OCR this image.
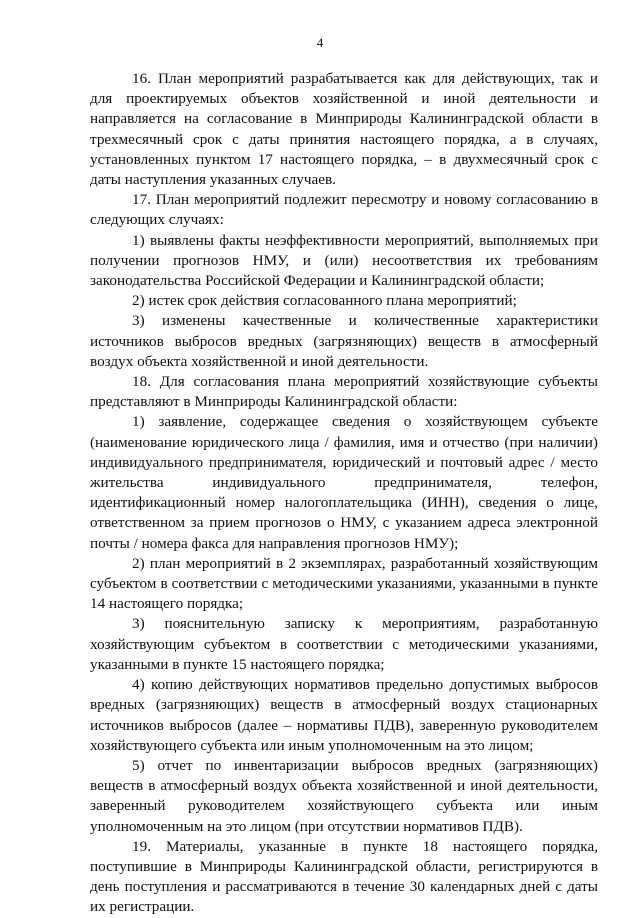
4

16. План мероприятий разрабатывается как для действующих, так и для проектируемых объектов хозяйственной и иной деятельности и направляется на согласование в Минприроды Калининградской области в трехмесячный срок с даты принятия настоящего порядка, а в случаях, установленных пунктом 17 настоящего порядка, – в двухмесячный срок с даты наступления указанных случаев.

17. План мероприятий подлежит пересмотру и новому согласованию в следующих случаях:

1) выявлены факты неэффективности мероприятий, выполняемых при получении прогнозов НМУ, и (или) несоответствия их требованиям законодательства Российской Федерации и Калининградской области;

2) истек срок действия согласованного плана мероприятий;

3) изменены качественные и количественные характеристики источников выбросов вредных (загрязняющих) веществ в атмосферный воздух объекта хозяйственной и иной деятельности.

18. Для согласования плана мероприятий хозяйствующие субъекты представляют в Минприроды Калининградской области:

1) заявление, содержащее сведения о хозяйствующем субъекте (наименование юридического лица / фамилия, имя и отчество (при наличии) индивидуального предпринимателя, юридический и почтовый адрес / место жительства индивидуального предпринимателя, телефон, идентификационный номер налогоплательщика (ИНН), сведения о лице, ответственном за прием прогнозов о НМУ, с указанием адреса электронной почты / номера факса для направления прогнозов НМУ);

2) план мероприятий в 2 экземплярах, разработанный хозяйствующим субъектом в соответствии с методическими указаниями, указанными в пункте 14 настоящего порядка;

3) пояснительную записку к мероприятиям, разработанную хозяйствующим субъектом в соответствии с методическими указаниями, указанными в пункте 15 настоящего порядка;

4) копию действующих нормативов предельно допустимых выбросов вредных (загрязняющих) веществ в атмосферный воздух стационарных источников выбросов (далее – нормативы ПДВ), заверенную руководителем хозяйствующего субъекта или иным уполномоченным на это лицом;

5) отчет по инвентаризации выбросов вредных (загрязняющих) веществ в атмосферный воздух объекта хозяйственной и иной деятельности, заверенный руководителем хозяйствующего субъекта или иным уполномоченным на это лицом (при отсутствии нормативов ПДВ).

19. Материалы, указанные в пункте 18 настоящего порядка, поступившие в Минприроды Калининградской области, регистрируются в день поступления и рассматриваются в течение 30 календарных дней с даты их регистрации.
